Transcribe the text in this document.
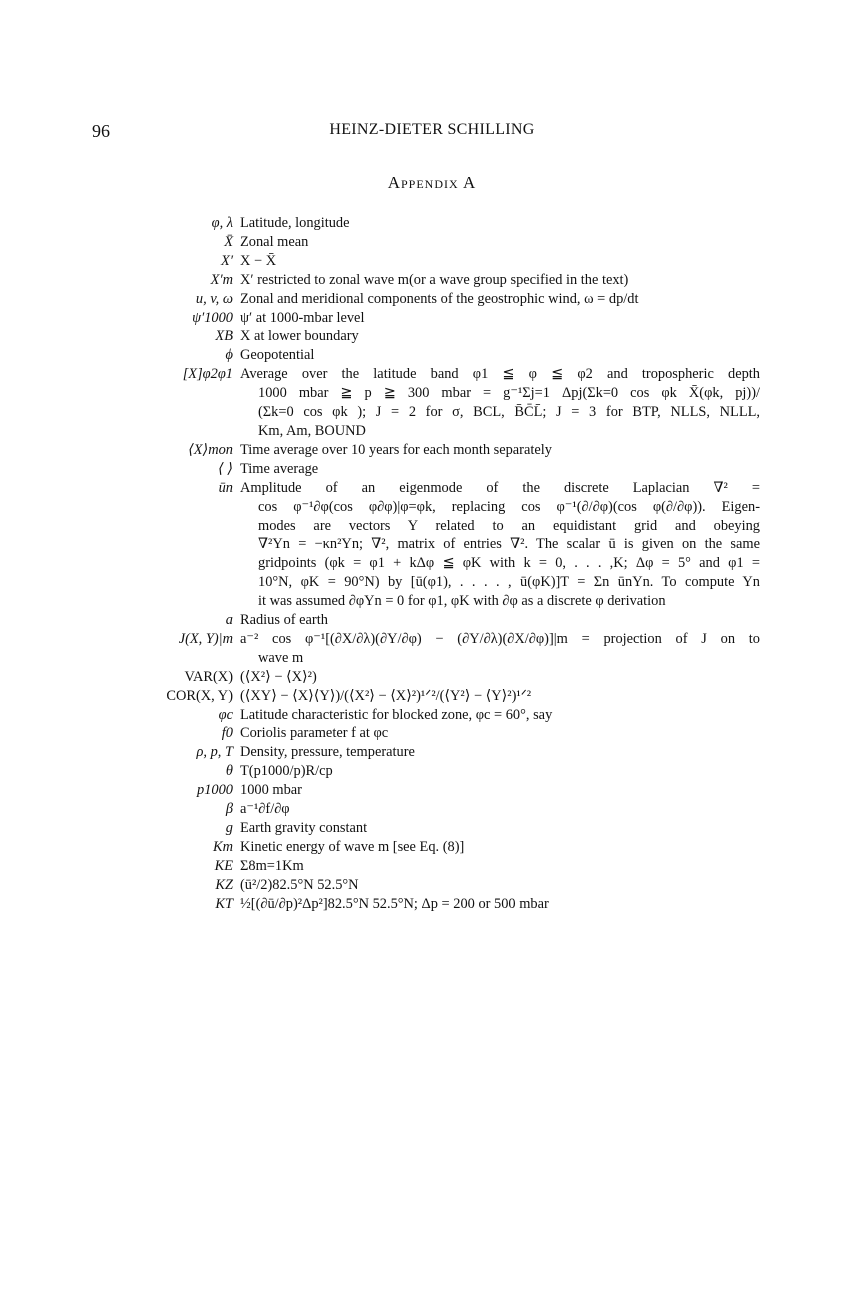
96	HEINZ-DIETER SCHILLING
Appendix A
φ, λ Latitude, longitude
X̄ Zonal mean
X′ X − X̄
X′m X′ restricted to zonal wave m(or a wave group specified in the text)
u, v, ω Zonal and meridional components of the geostrophic wind, ω = dp/dt
ψ′1000 ψ′ at 1000-mbar level
XB X at lower boundary
ϕ Geopotential
[X]φ2φ1 Average over the latitude band φ1 ≦ φ ≦ φ2 and tropospheric depth
1000 mbar ≧ p ≧ 300 mbar = g⁻¹Σj=1 Δpj(Σk=0 cos φk X̄(φk, pj))/
(Σk=0 cos φk ); J = 2 for σ, BCL, B̄C̄L̄; J = 3 for BTP, NLLS, NLLL,
Km, Am, BOUND
⟨X⟩mon Time average over 10 years for each month separately
⟨ ⟩ Time average
ūn Amplitude of an eigenmode of the discrete Laplacian ∇² =
cos φ⁻¹∂φ(cos φ∂φ)|φ=φk, replacing cos φ⁻¹(∂/∂φ)(cos φ(∂/∂φ)). Eigen-
modes are vectors Y related to an equidistant grid and obeying
∇²Yn = −κn²Yn; ∇², matrix of entries ∇². The scalar ū is given on the same
gridpoints (φk = φ1 + kΔφ ≦ φK with k = 0, . . . ,K; Δφ = 5° and φ1 =
10°N, φK = 90°N) by [ū(φ1), . . . . , ū(φK)]T = Σn ūnYn. To compute Yn
it was assumed ∂φYn = 0 for φ1, φK with ∂φ as a discrete φ derivation
a Radius of earth
J(X, Y)|m a⁻² cos φ⁻¹[(∂X/∂λ)(∂Y/∂φ) − (∂Y/∂λ)(∂X/∂φ)]|m = projection of J on to
wave m
VAR(X) (⟨X²⟩ − ⟨X⟩²)
COR(X, Y) (⟨XY⟩ − ⟨X⟩⟨Y⟩)/(⟨X²⟩ − ⟨X⟩²)¹ᐟ²/(⟨Y²⟩ − ⟨Y⟩²)¹ᐟ²
φc Latitude characteristic for blocked zone, φc = 60°, say
f0 Coriolis parameter f at φc
ρ, p, T Density, pressure, temperature
θ T(p1000/p)R/cp
p1000 1000 mbar
β a⁻¹∂f/∂φ
g Earth gravity constant
Km Kinetic energy of wave m [see Eq. (8)]
KE Σ8m=1Km
KZ (ū²/2)82.5°N 52.5°N
KT ½[(∂ū/∂p)²Δp²]82.5°N 52.5°N; Δp = 200 or 500 mbar
